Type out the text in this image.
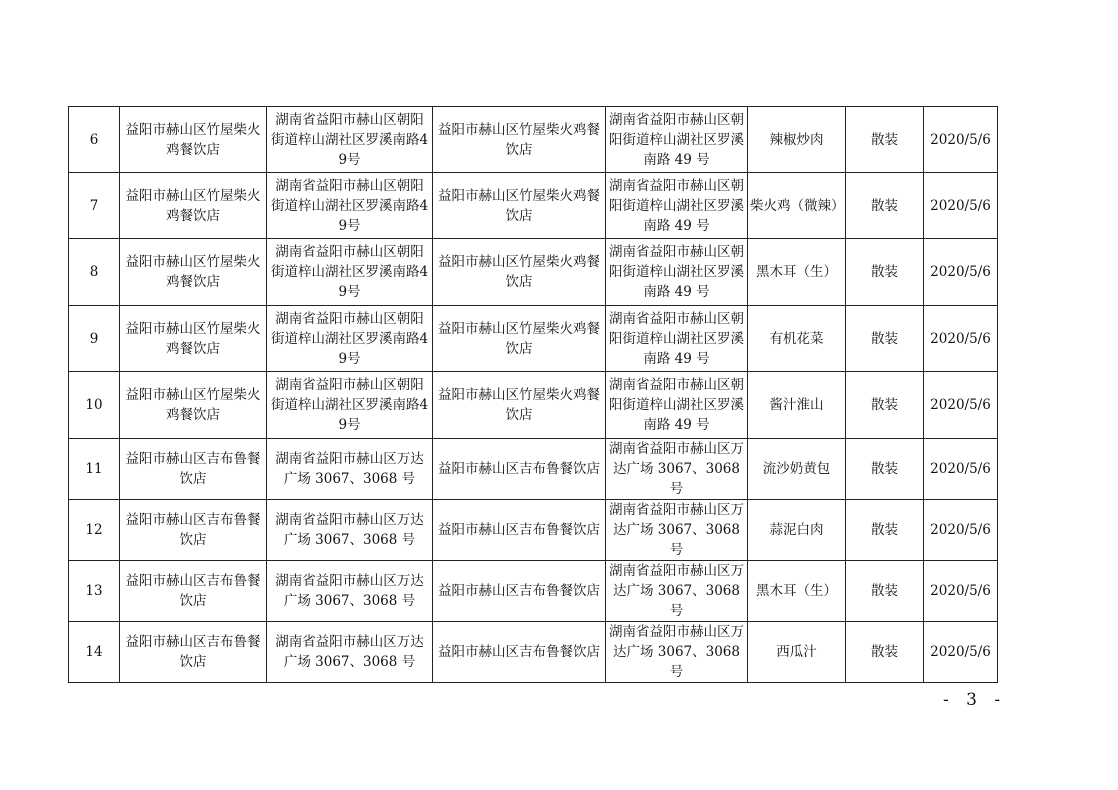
6	益阳市赫山区竹屋柴火鸡餐饮店	湖南省益阳市赫山区朝阳街道梓山湖社区罗溪南路49号	益阳市赫山区竹屋柴火鸡餐饮店	湖南省益阳市赫山区朝阳街道梓山湖社区罗溪南路 49 号	辣椒炒肉	散装	2020/5/6
7	益阳市赫山区竹屋柴火鸡餐饮店	湖南省益阳市赫山区朝阳街道梓山湖社区罗溪南路49号	益阳市赫山区竹屋柴火鸡餐饮店	湖南省益阳市赫山区朝阳街道梓山湖社区罗溪南路 49 号	柴火鸡（微辣）	散装	2020/5/6
8	益阳市赫山区竹屋柴火鸡餐饮店	湖南省益阳市赫山区朝阳街道梓山湖社区罗溪南路49号	益阳市赫山区竹屋柴火鸡餐饮店	湖南省益阳市赫山区朝阳街道梓山湖社区罗溪南路 49 号	黑木耳（生）	散装	2020/5/6
9	益阳市赫山区竹屋柴火鸡餐饮店	湖南省益阳市赫山区朝阳街道梓山湖社区罗溪南路49号	益阳市赫山区竹屋柴火鸡餐饮店	湖南省益阳市赫山区朝阳街道梓山湖社区罗溪南路 49 号	有机花菜	散装	2020/5/6
10	益阳市赫山区竹屋柴火鸡餐饮店	湖南省益阳市赫山区朝阳街道梓山湖社区罗溪南路49号	益阳市赫山区竹屋柴火鸡餐饮店	湖南省益阳市赫山区朝阳街道梓山湖社区罗溪南路 49 号	酱汁淮山	散装	2020/5/6
11	益阳市赫山区吉布鲁餐饮店	湖南省益阳市赫山区万达广场 3067、3068 号	益阳市赫山区吉布鲁餐饮店	湖南省益阳市赫山区万达广场 3067、3068 号	流沙奶黄包	散装	2020/5/6
12	益阳市赫山区吉布鲁餐饮店	湖南省益阳市赫山区万达广场 3067、3068 号	益阳市赫山区吉布鲁餐饮店	湖南省益阳市赫山区万达广场 3067、3068 号	蒜泥白肉	散装	2020/5/6
13	益阳市赫山区吉布鲁餐饮店	湖南省益阳市赫山区万达广场 3067、3068 号	益阳市赫山区吉布鲁餐饮店	湖南省益阳市赫山区万达广场 3067、3068 号	黑木耳（生）	散装	2020/5/6
14	益阳市赫山区吉布鲁餐饮店	湖南省益阳市赫山区万达广场 3067、3068 号	益阳市赫山区吉布鲁餐饮店	湖南省益阳市赫山区万达广场 3067、3068 号	西瓜汁	散装	2020/5/6
- 3 -
